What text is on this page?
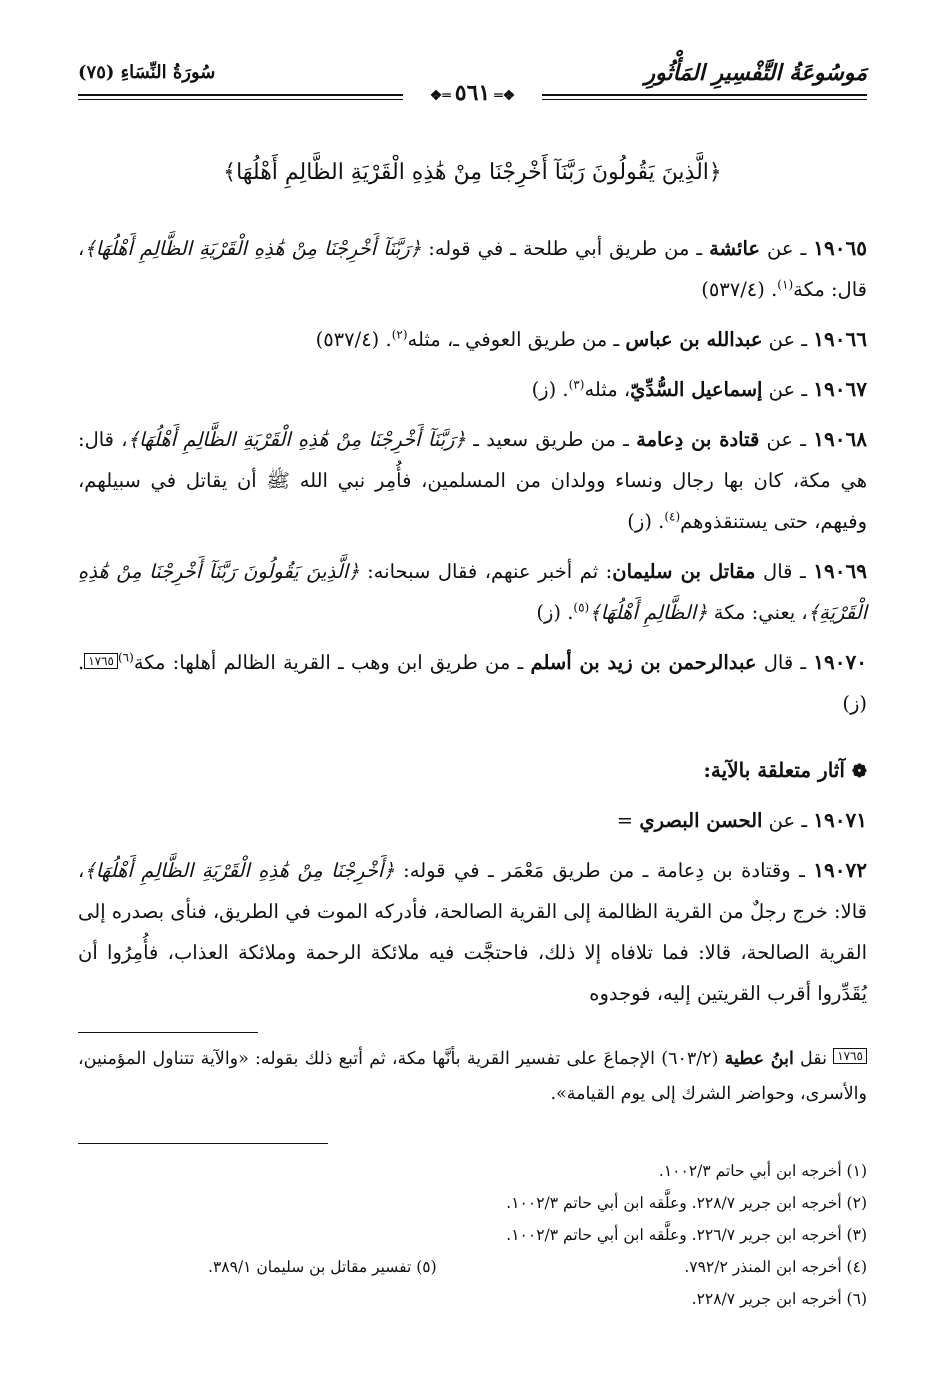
مَوسُوعَةُ التَّفْسِيرِ المَأْثُورِ
سُورَةُ النِّسَاءِ (٧٥)
❖═٥٦١═❖
﴿الَّذِينَ يَقُولُونَ رَبَّنَآ أَخْرِجْنَا مِنْ هَٰذِهِ الْقَرْيَةِ الظَّالِمِ أَهْلُهَا﴾

١٩٠٦٥ ـ عن عائشة ـ من طريق أبي طلحة ـ في قوله: ﴿رَبَّنَآ أَخْرِجْنَا مِنْ هَٰذِهِ الْقَرْيَةِ الظَّالِمِ أَهْلُهَا﴾، قال: مكة$^{(١)}$. (٥٣٧/٤)

١٩٠٦٦ ـ عن عبدالله بن عباس ـ من طريق العوفي ـ، مثله$^{(٢)}$. (٥٣٧/٤)

١٩٠٦٧ ـ عن إسماعيل السُّدِّيّ، مثله$^{(٣)}$. (ز)

١٩٠٦٨ ـ عن قتادة بن دِعامة ـ من طريق سعيد ـ ﴿رَبَّنَآ أَخْرِجْنَا مِنْ هَٰذِهِ الْقَرْيَةِ الظَّالِمِ أَهْلُهَا﴾، قال: هي مكة، كان بها رجال ونساء وولدان من المسلمين، فأُمِر نبي الله ﷺ أن يقاتل في سبيلهم، وفيهم، حتى يستنقذوهم$^{(٤)}$. (ز)

١٩٠٦٩ ـ قال مقاتل بن سليمان: ثم أخبر عنهم، فقال سبحانه: ﴿الَّذِينَ يَقُولُونَ رَبَّنَآ أَخْرِجْنَا مِنْ هَٰذِهِ الْقَرْيَةِ﴾، يعني: مكة ﴿الظَّالِمِ أَهْلُهَا﴾$^{(٥)}$. (ز)

١٩٠٧٠ ـ قال عبدالرحمن بن زيد بن أسلم ـ من طريق ابن وهب ـ القرية الظالم أهلها: مكة$^{(٦)}$١٧٦٥. (ز)

❁ آثار متعلقة بالآية:

١٩٠٧١ ـ عن الحسن البصري =

١٩٠٧٢ ـ وقتادة بن دِعامة ـ من طريق مَعْمَر ـ في قوله: ﴿أَخْرِجْنَا مِنْ هَٰذِهِ الْقَرْيَةِ الظَّالِمِ أَهْلُهَا﴾، قالا: خرج رجلٌ من القرية الظالمة إلى القرية الصالحة، فأدركه الموت في الطريق، فنأى بصدره إلى القرية الصالحة، قالا: فما تلافاه إلا ذلك، فاحتجَّت فيه ملائكة الرحمة وملائكة العذاب، فأُمِرُوا أن يُقَدِّروا أقرب القريتين إليه، فوجدوه

١٧٦٥ نقل ابنُ عطية (٦٠٣/٢) الإجماعَ على تفسير القرية بأنَّها مكة، ثم أتبع ذلك بقوله: «والآية تتناول المؤمنين، والأسرى، وحواضر الشرك إلى يوم القيامة».
(١) أخرجه ابن أبي حاتم ١٠٠٢/٣.
(٢) أخرجه ابن جرير ٢٢٨/٧. وعلَّقه ابن أبي حاتم ١٠٠٢/٣.
(٣) أخرجه ابن جرير ٢٢٦/٧. وعلَّقه ابن أبي حاتم ١٠٠٢/٣.
(٤) أخرجه ابن المنذر ٧٩٢/٢.
(٥) تفسير مقاتل بن سليمان ٣٨٩/١.
(٦) أخرجه ابن جرير ٢٢٨/٧.
